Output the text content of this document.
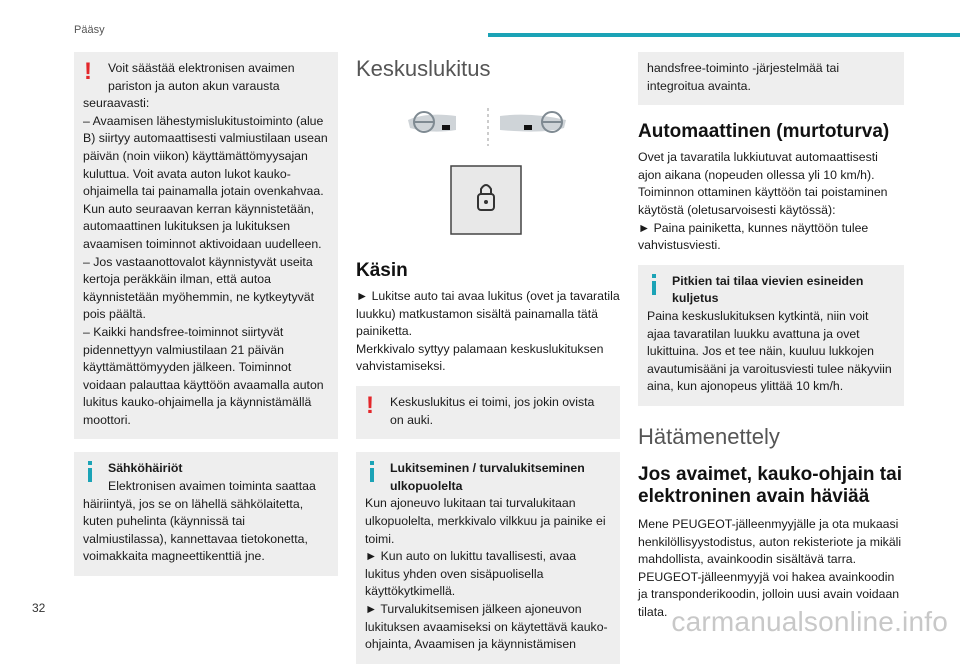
Pääsy
!	Voit säästää elektronisen avaimen
pariston ja auton akun varausta

seuraavasti:
– Avaamisen lähestymislukitustoiminto (alue B) siirtyy automaattisesti valmiustilaan usean päivän (noin viikon) käyttämättömyysajan kuluttua. Voit avata auton lukot kauko-ohjaimella tai painamalla jotain ovenkahvaa. Kun auto seuraavan kerran käynnistetään, automaattinen lukituksen ja lukituksen avaamisen toiminnot aktivoidaan uudelleen.
– Jos vastaanottovalot käynnistyvät useita kertoja peräkkäin ilman, että autoa käynnistetään myöhemmin, ne kytkeytyvät pois päältä.
– Kaikki handsfree-toiminnot siirtyvät pidennettyyn valmiustilaan 21 päivän käyttämättömyyden jälkeen. Toiminnot voidaan palauttaa käyttöön avaamalla auton lukitus kauko-ohjaimella ja käynnistämällä moottori.

Sähköhäiriöt

Elektronisen avaimen toiminta saattaa

häiriintyä, jos se on lähellä sähkölaitetta, kuten puhelinta (käynnissä tai valmiustilassa), kannettavaa tietokonetta, voimakkaita magneettikenttiä jne.

Keskuslukitus
Käsin

► Lukitse auto tai avaa lukitus (ovet ja tavaratila luukku) matkustamon sisältä painamalla tätä painiketta.
Merkkivalo syttyy palamaan keskuslukituksen vahvistamiseksi.

!	Keskuslukitus ei toimi, jos jokin ovista on auki.

Lukitseminen / turvalukitseminen ulkopuolelta

Kun ajoneuvo lukitaan tai turvalukitaan ulkopuolelta, merkkivalo vilkkuu ja painike ei toimi.
► Kun auto on lukittu tavallisesti, avaa lukitus yhden oven sisäpuolisella käyttökytkimellä.
► Turvalukitsemisen jälkeen ajoneuvon lukituksen avaamiseksi on käytettävä kauko-ohjainta, Avaamisen ja käynnistämisen

handsfree-toiminto -järjestelmää tai integroitua avainta.

Automaattinen (murtoturva)

Ovet ja tavaratila lukkiutuvat automaattisesti ajon aikana (nopeuden ollessa yli 10 km/h).
Toiminnon ottaminen käyttöön tai poistaminen käytöstä (oletusarvoisesti käytössä):
► Paina painiketta, kunnes näyttöön tulee vahvistusviesti.

Pitkien tai tilaa vievien esineiden kuljetus

Paina keskuslukituksen kytkintä, niin voit ajaa tavaratilan luukku avattuna ja ovet lukittuina. Jos et tee näin, kuuluu lukkojen avautumisääni ja varoitusviesti tulee näkyviin aina, kun ajonopeus ylittää 10 km/h.

Hätämenettely
Jos avaimet, kauko-ohjain tai elektroninen avain häviää

Mene PEUGEOT-jälleenmyyjälle ja ota mukaasi henkilöllisyystodistus, auton rekisteriote ja mikäli mahdollista, avainkoodin sisältävä tarra.
PEUGEOT-jälleenmyyjä voi hakea avainkoodin ja transponderikoodin, jolloin uusi avain voidaan tilata.

32	carmanualsonline.info
